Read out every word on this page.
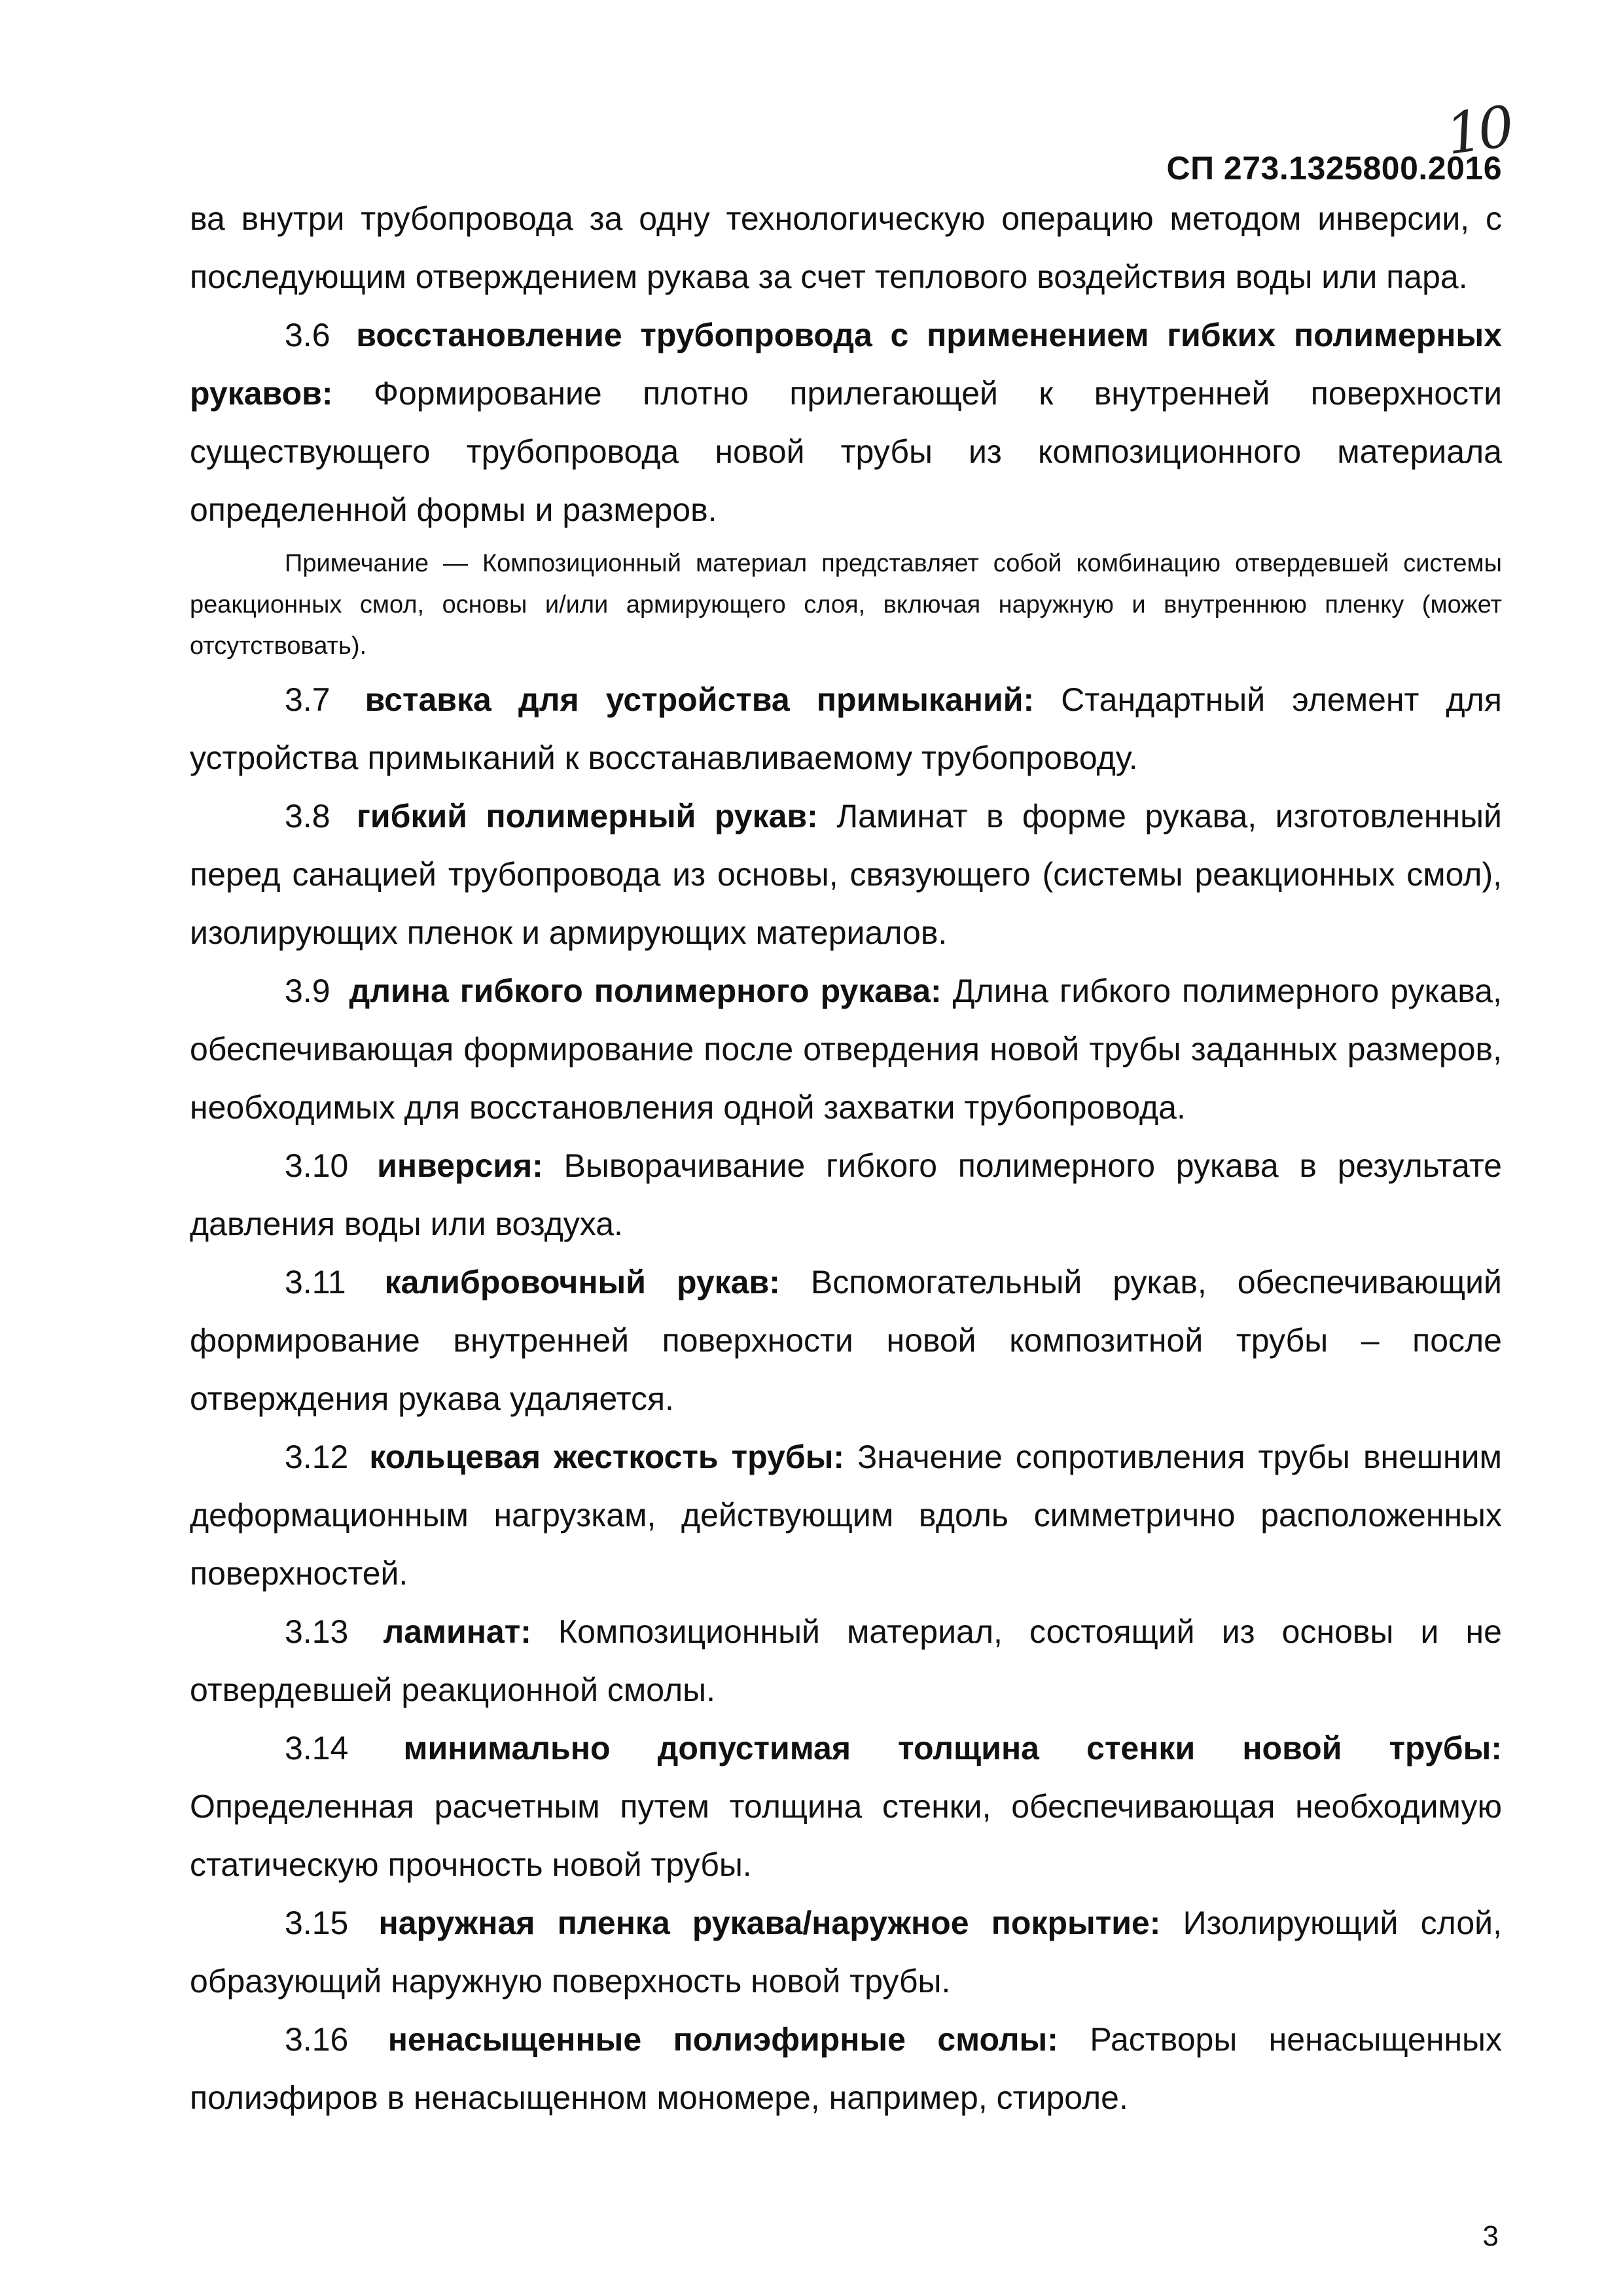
10
СП 273.1325800.2016

ва внутри трубопровода за одну технологическую операцию методом инверсии, с последующим отверждением рукава за счет теплового воздействия воды или пара.

3.6 восстановление трубопровода с применением гибких полимерных рукавов: Формирование плотно прилегающей к внутренней поверхности существующего трубопровода новой трубы из композиционного материала определенной формы и размеров.

Примечание — Композиционный материал представляет собой комбинацию отвердевшей системы реакционных смол, основы и/или армирующего слоя, включая наружную и внутреннюю пленку (может отсутствовать).

3.7 вставка для устройства примыканий: Стандартный элемент для устройства примыканий к восстанавливаемому трубопроводу.

3.8 гибкий полимерный рукав: Ламинат в форме рукава, изготовленный перед санацией трубопровода из основы, связующего (системы реакционных смол), изолирующих пленок и армирующих материалов.

3.9 длина гибкого полимерного рукава: Длина гибкого полимерного рукава, обеспечивающая формирование после отвердения новой трубы заданных размеров, необходимых для восстановления одной захватки трубопровода.

3.10 инверсия: Выворачивание гибкого полимерного рукава в результате давления воды или воздуха.

3.11 калибровочный рукав: Вспомогательный рукав, обеспечивающий формирование внутренней поверхности новой композитной трубы – после отверждения рукава удаляется.

3.12 кольцевая жесткость трубы: Значение сопротивления трубы внешним деформационным нагрузкам, действующим вдоль симметрично расположенных поверхностей.

3.13 ламинат: Композиционный материал, состоящий из основы и не отвердевшей реакционной смолы.

3.14 минимально допустимая толщина стенки новой трубы: Определенная расчетным путем толщина стенки, обеспечивающая необходимую статическую прочность новой трубы.

3.15 наружная пленка рукава/наружное покрытие: Изолирующий слой, образующий наружную поверхность новой трубы.

3.16 ненасыщенные полиэфирные смолы: Растворы ненасыщенных полиэфиров в ненасыщенном мономере, например, стироле.

3
